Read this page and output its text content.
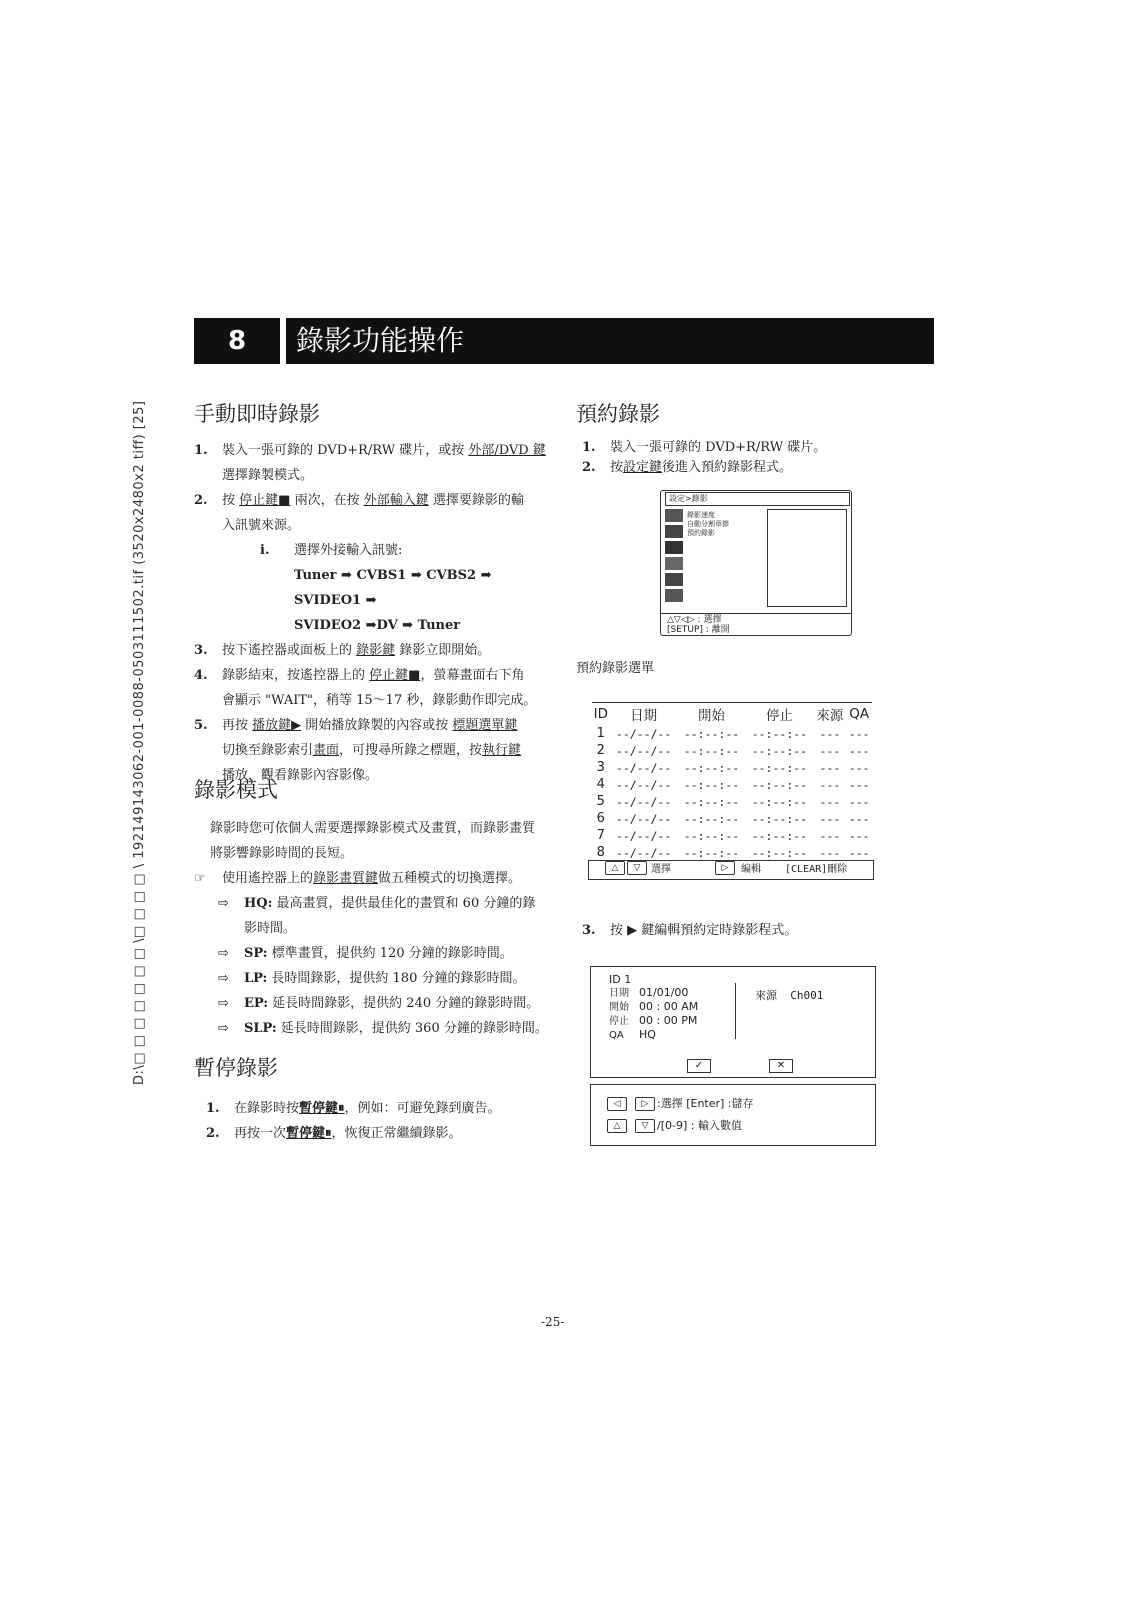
D:\□ □ □ □ □ □ □ \□ □ □ □ \ 192149143062-001-0088-0503111502.tif (3520x2480x2 tiff) [25]
8	錄影功能操作
手動即時錄影
1. 裝入一張可錄的 DVD+R/RW 碟片，或按 外部/DVD 鍵
選擇錄製模式。
2. 按 停止鍵■ 兩次，在按 外部輸入鍵 選擇要錄影的輸
入訊號來源。
i. 選擇外接輸入訊號:
Tuner ➡ CVBS1 ➡ CVBS2 ➡ SVIDEO1 ➡
SVIDEO2 ➡DV ➡ Tuner
3. 按下遙控器或面板上的 錄影鍵 錄影立即開始。
4. 錄影結束，按遙控器上的 停止鍵■，螢幕畫面右下角
會顯示 "WAIT"，稍等 15～17 秒，錄影動作即完成。
5. 再按 播放鍵▶ 開始播放錄製的內容或按 標題選單鍵
切換至錄影索引畫面，可搜尋所錄之標題，按執行鍵
播放，觀看錄影內容影像。
錄影模式
錄影時您可依個人需要選擇錄影模式及畫質，而錄影畫質
將影響錄影時間的長短。
☞ 使用遙控器上的錄影畫質鍵做五種模式的切換選擇。
⇨ HQ: 最高畫質，提供最佳化的畫質和 60 分鐘的錄
影時間。
⇨ SP: 標準畫質，提供約 120 分鐘的錄影時間。
⇨ LP: 長時間錄影，提供約 180 分鐘的錄影時間。
⇨ EP: 延長時間錄影，提供約 240 分鐘的錄影時間。
⇨ SLP: 延長時間錄影，提供約 360 分鐘的錄影時間。
暫停錄影
1. 在錄影時按暫停鍵⏸，例如：可避免錄到廣告。
2. 再按一次暫停鍵⏸，恢復正常繼續錄影。
預約錄影
1. 裝入一張可錄的 DVD+R/RW 碟片。
2. 按設定鍵後進入預約錄影程式。
設定>錄影
錄影速度
自動分割章節
預約錄影
△▽◁▷ : 選擇
[SETUP] : 離開
預約錄影選單
ID	日期	開始	停止	來源	QA
1	--/--/--	--:--:--	--:--:--	---	---
2	--/--/--	--:--:--	--:--:--	---	---
3	--/--/--	--:--:--	--:--:--	---	---
4	--/--/--	--:--:--	--:--:--	---	---
5	--/--/--	--:--:--	--:--:--	---	---
6	--/--/--	--:--:--	--:--:--	---	---
7	--/--/--	--:--:--	--:--:--	---	---
8	--/--/--	--:--:--	--:--:--	---	---
△	▽	選擇	▷	編輯 [CLEAR]刪除
3. 按 ▶ 鍵編輯預約定時錄影程式。
ID 1
日期 01/01/00
開始 00 : 00 AM
停止 00 : 00 PM
QA HQ
來源 Ch001
✓	✕
◁	▷ :選擇 [Enter] :儲存
△	▽ /[0-9] : 輸入數值
-25-
